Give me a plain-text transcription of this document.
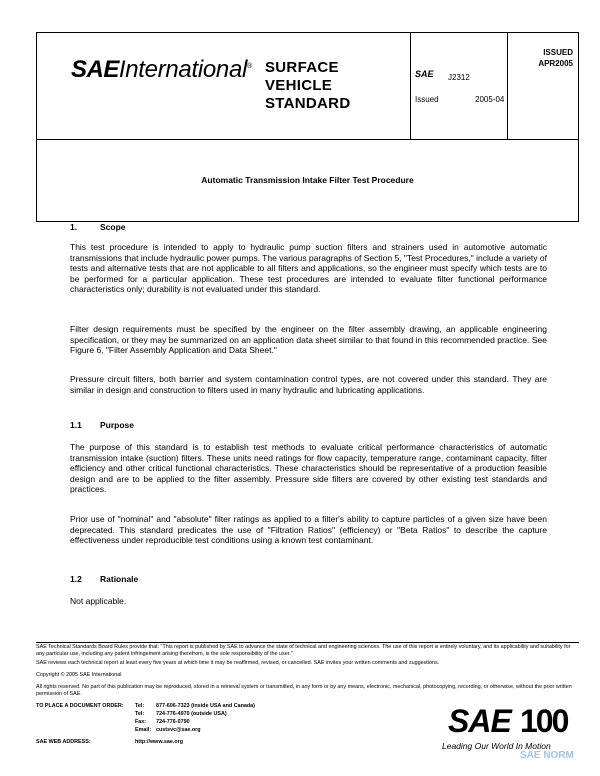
SAEInternational® SURFACE
VEHICLE
STANDARD
SAE J2312
Issued	2005-04
ISSUED
APR2005
Automatic Transmission Intake Filter Test Procedure
1.	Scope
This test procedure is intended to apply to hydraulic pump suction filters and strainers used in automotive automatic transmissions that include hydraulic power pumps. The various paragraphs of Section 5, "Test Procedures," include a variety of tests and alternative tests that are not applicable to all filters and applications, so the engineer must specify which tests are to be performed for a particular application. These test procedures are intended to evaluate filter functional performance characteristics only; durability is not evaluated under this standard.
Filter design requirements must be specified by the engineer on the filter assembly drawing, an applicable engineering specification, or they may be summarized on an application data sheet similar to that found in this recommended practice. See Figure 6, "Filter Assembly Application and Data Sheet."
Pressure circuit filters, both barrier and system contamination control types, are not covered under this standard. They are similar in design and construction to filters used in many hydraulic and lubricating applications.
1.1 Purpose
The purpose of this standard is to establish test methods to evaluate critical performance characteristics of automatic transmission intake (suction) filters. These units need ratings for flow capacity, temperature range, contaminant capacity, filter efficiency and other critical functional characteristics. These characteristics should be representative of a production feasible design and are to be applied to the filter assembly. Pressure side filters are covered by other existing test standards and practices.
Prior use of "nominal" and "absolute" filter ratings as applied to a filter's ability to capture particles of a given size have been deprecated. This standard predicates the use of "Filtration Ratios" (efficiency) or "Beta Ratios" to describe the capture effectiveness under reproducible test conditions using a known test contaminant.
1.2 Rationale
Not applicable.
SAE Technical Standards Board Rules provide that: "This report is published by SAE to advance the state of technical and engineering sciences. The use of this report is entirely voluntary, and its applicability and suitability for any particular use, including any patent infringement arising therefrom, is the sole responsibility of the user."
SAE reviews each technical report at least every five years at which time it may be reaffirmed, revised, or cancelled. SAE invites your written comments and suggestions.
Copyright © 2005 SAE International
All rights reserved. No part of this publication may be reproduced, stored in a retrieval system or transmitted, in any form or by any means, electronic, mechanical, photocopying, recording, or otherwise, without the prior written permission of SAE.
TO PLACE A DOCUMENT ORDER: Tel: 877-606-7323 (inside USA and Canada)
Tel: 724-776-4970 (outside USA)
Fax: 724-776-0790
Email: custsvc@sae.org
SAE WEB ADDRESS:	http://www.sae.org
SAE 100
Leading Our World In Motion
SAE NORM
